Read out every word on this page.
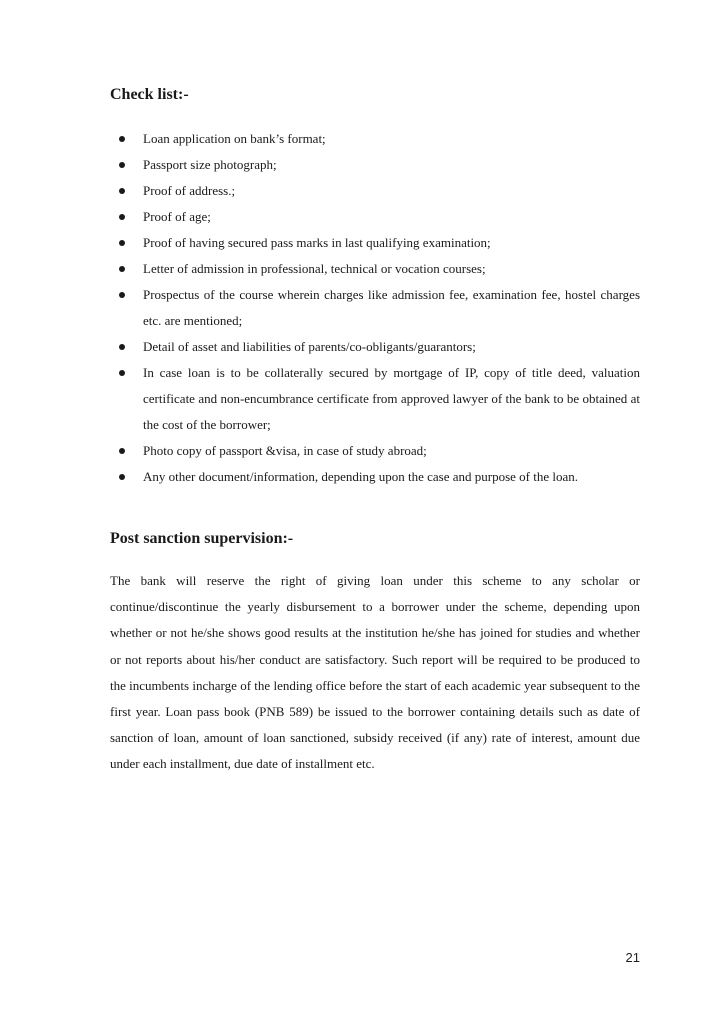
Check list:-
Loan application on bank’s format;
Passport size photograph;
Proof of address.;
Proof of age;
Proof of having secured pass marks in last qualifying examination;
Letter of admission in professional, technical or vocation courses;
Prospectus of the course wherein charges like admission fee, examination fee, hostel charges etc. are mentioned;
Detail of asset and liabilities of parents/co-obligants/guarantors;
In case loan is to be collaterally secured by mortgage of IP, copy of title deed, valuation certificate and non-encumbrance certificate from approved lawyer of the bank to be obtained at the cost of the borrower;
Photo copy of passport &visa, in case of study abroad;
Any other document/information, depending upon the case and purpose of the loan.
Post sanction supervision:-

The bank will reserve the right of giving loan under this scheme to any scholar or continue/discontinue the yearly disbursement to a borrower under the scheme, depending upon whether or not he/she shows good results at the institution he/she has joined for studies and whether or not reports about his/her conduct are satisfactory. Such report will be required to be produced to the incumbents incharge of the lending office before the start of each academic year subsequent to the first year. Loan pass book (PNB 589) be issued to the borrower containing details such as date of sanction of loan, amount of loan sanctioned, subsidy received (if any) rate of interest, amount due under each installment, due date of installment etc.

21
